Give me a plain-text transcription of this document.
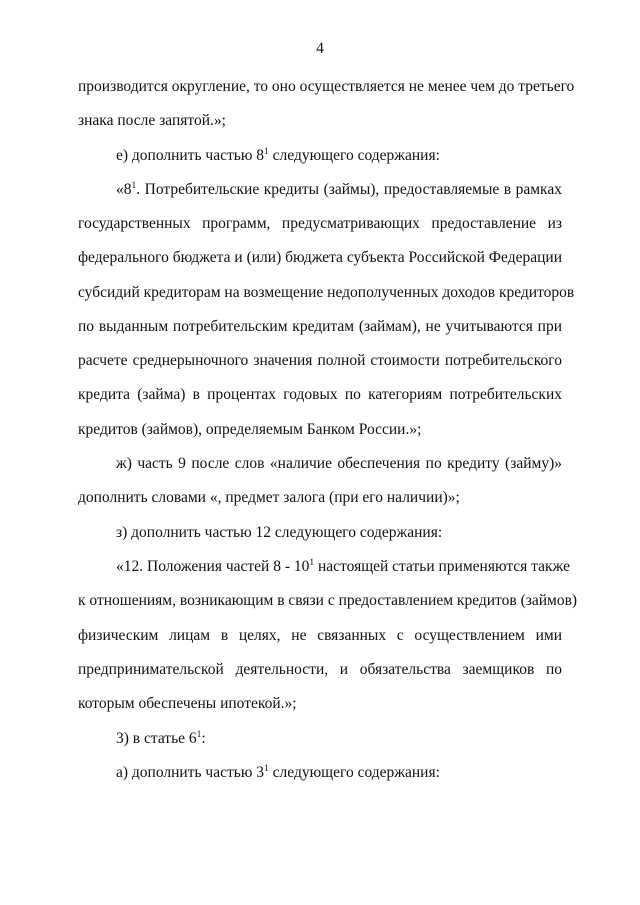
4
производится округление, то оно осуществляется не менее чем до третьего
знака после запятой.»;
е) дополнить частью $8^1$ следующего содержания:
«$8^1$. Потребительские кредиты (займы), предоставляемые в рамках
государственных программ, предусматривающих предоставление из
федерального бюджета и (или) бюджета субъекта Российской Федерации
субсидий кредиторам на возмещение недополученных доходов кредиторов
по выданным потребительским кредитам (займам), не учитываются при
расчете среднерыночного значения полной стоимости потребительского
кредита (займа) в процентах годовых по категориям потребительских
кредитов (займов), определяемым Банком России.»;
ж) часть 9 после слов «наличие обеспечения по кредиту (займу)»
дополнить словами «, предмет залога (при его наличии)»;
з) дополнить частью 12 следующего содержания:
«12. Положения частей $8 - 10^1$ настоящей статьи применяются также
к отношениям, возникающим в связи с предоставлением кредитов (займов)
физическим лицам в целях, не связанных с осуществлением ими
предпринимательской деятельности, и обязательства заемщиков по
которым обеспечены ипотекой.»;
3) в статье $6^1$:
а) дополнить частью $3^1$ следующего содержания:
